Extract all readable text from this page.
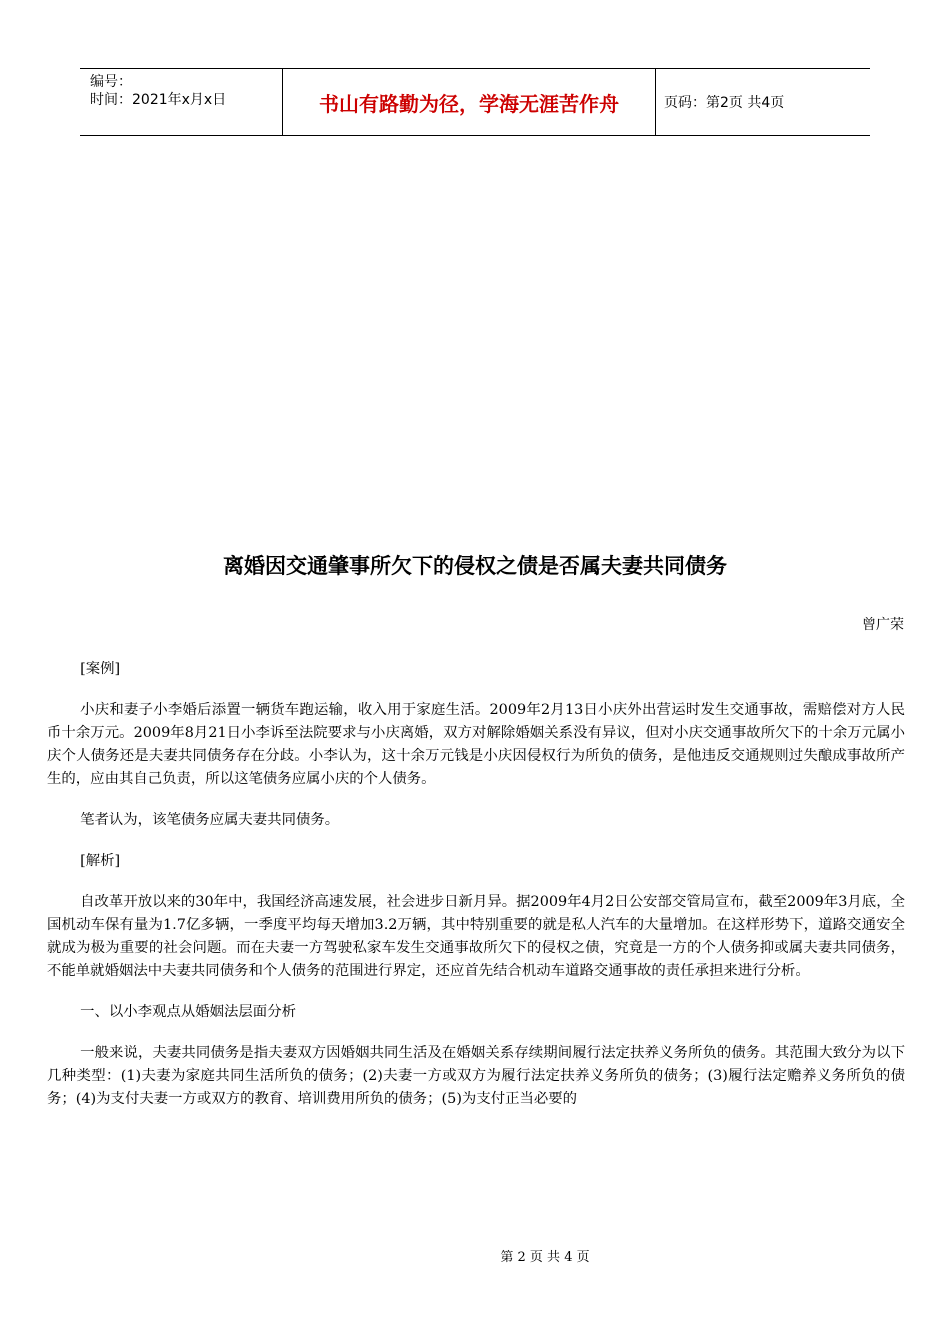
编号：
时间：2021年x月x日	书山有路勤为径，学海无涯苦作舟	页码：第2页 共4页
离婚因交通肇事所欠下的侵权之债是否属夫妻共同债务
曾广荣

[案例]

小庆和妻子小李婚后添置一辆货车跑运输，收入用于家庭生活。2009年2月13日小庆外出营运时发生交通事故，需赔偿对方人民币十余万元。2009年8月21日小李诉至法院要求与小庆离婚，双方对解除婚姻关系没有异议，但对小庆交通事故所欠下的十余万元属小庆个人债务还是夫妻共同债务存在分歧。小李认为，这十余万元钱是小庆因侵权行为所负的债务，是他违反交通规则过失酿成事故所产生的，应由其自己负责，所以这笔债务应属小庆的个人债务。

笔者认为，该笔债务应属夫妻共同债务。

[解析]

自改革开放以来的30年中，我国经济高速发展，社会进步日新月异。据2009年4月2日公安部交管局宣布，截至2009年3月底，全国机动车保有量为1.7亿多辆，一季度平均每天增加3.2万辆，其中特别重要的就是私人汽车的大量增加。在这样形势下，道路交通安全就成为极为重要的社会问题。而在夫妻一方驾驶私家车发生交通事故所欠下的侵权之债，究竟是一方的个人债务抑或属夫妻共同债务，不能单就婚姻法中夫妻共同债务和个人债务的范围进行界定，还应首先结合机动车道路交通事故的责任承担来进行分析。

一、以小李观点从婚姻法层面分析

一般来说，夫妻共同债务是指夫妻双方因婚姻共同生活及在婚姻关系存续期间履行法定扶养义务所负的债务。其范围大致分为以下几种类型：(1)夫妻为家庭共同生活所负的债务；(2)夫妻一方或双方为履行法定扶养义务所负的债务；(3)履行法定赡养义务所负的债务；(4)为支付夫妻一方或双方的教育、培训费用所负的债务；(5)为支付正当必要的

第 2 页 共 4 页
